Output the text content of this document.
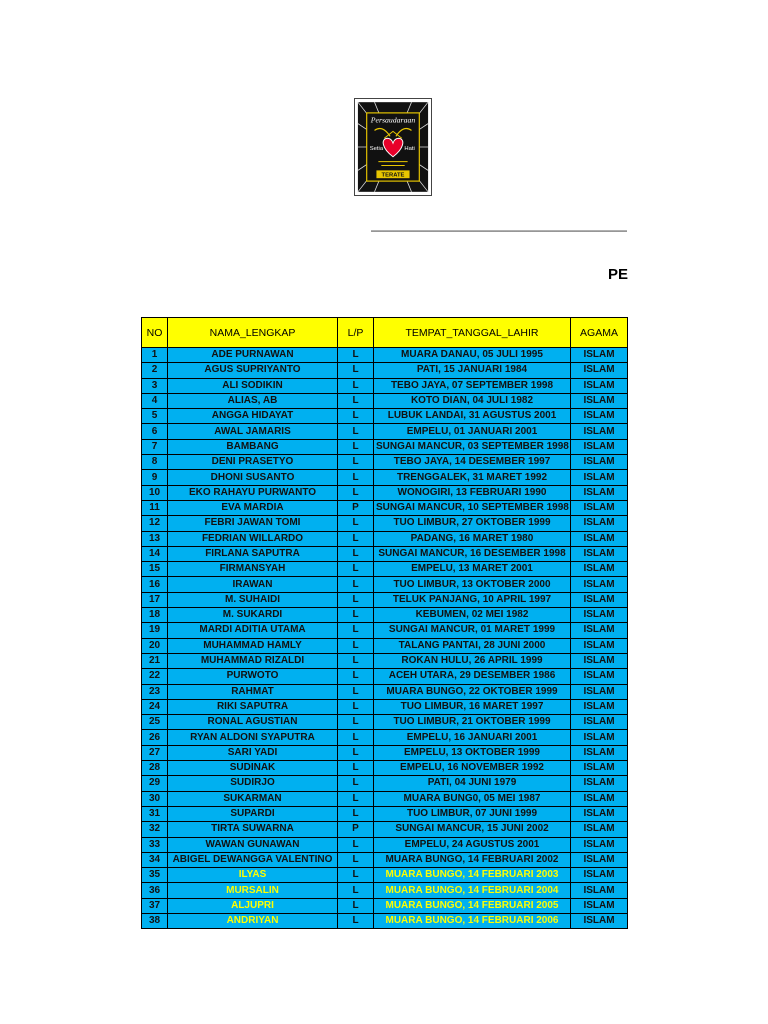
Persaudaraan
Setia	Hati
TERATE
PE
NO	NAMA_LENGKAP	L/P	TEMPAT_TANGGAL_LAHIR	AGAMA
1	ADE PURNAWAN	L	MUARA DANAU, 05 JULI 1995	ISLAM
2	AGUS SUPRIYANTO	L	PATI, 15 JANUARI 1984	ISLAM
3	ALI SODIKIN	L	TEBO JAYA, 07 SEPTEMBER 1998	ISLAM
4	ALIAS, AB	L	KOTO DIAN, 04 JULI 1982	ISLAM
5	ANGGA HIDAYAT	L	LUBUK LANDAI, 31 AGUSTUS 2001	ISLAM
6	AWAL JAMARIS	L	EMPELU, 01 JANUARI 2001	ISLAM
7	BAMBANG	L	SUNGAI MANCUR, 03 SEPTEMBER 1998	ISLAM
8	DENI PRASETYO	L	TEBO JAYA, 14 DESEMBER 1997	ISLAM
9	DHONI SUSANTO	L	TRENGGALEK, 31 MARET 1992	ISLAM
10	EKO RAHAYU PURWANTO	L	WONOGIRI, 13 FEBRUARI 1990	ISLAM
11	EVA MARDIA	P	SUNGAI MANCUR, 10 SEPTEMBER 1998	ISLAM
12	FEBRI JAWAN TOMI	L	TUO LIMBUR, 27 OKTOBER 1999	ISLAM
13	FEDRIAN WILLARDO	L	PADANG, 16 MARET 1980	ISLAM
14	FIRLANA SAPUTRA	L	SUNGAI MANCUR, 16 DESEMBER 1998	ISLAM
15	FIRMANSYAH	L	EMPELU, 13 MARET 2001	ISLAM
16	IRAWAN	L	TUO LIMBUR, 13 OKTOBER 2000	ISLAM
17	M. SUHAIDI	L	TELUK PANJANG, 10 APRIL 1997	ISLAM
18	M. SUKARDI	L	KEBUMEN, 02 MEI 1982	ISLAM
19	MARDI ADITIA UTAMA	L	SUNGAI MANCUR, 01 MARET 1999	ISLAM
20	MUHAMMAD HAMLY	L	TALANG PANTAI, 28 JUNI 2000	ISLAM
21	MUHAMMAD RIZALDI	L	ROKAN HULU, 26 APRIL 1999	ISLAM
22	PURWOTO	L	ACEH UTARA, 29 DESEMBER 1986	ISLAM
23	RAHMAT	L	MUARA BUNGO, 22 OKTOBER 1999	ISLAM
24	RIKI SAPUTRA	L	TUO LIMBUR, 16 MARET 1997	ISLAM
25	RONAL AGUSTIAN	L	TUO LIMBUR, 21 OKTOBER 1999	ISLAM
26	RYAN ALDONI SYAPUTRA	L	EMPELU, 16 JANUARI 2001	ISLAM
27	SARI YADI	L	EMPELU, 13 OKTOBER 1999	ISLAM
28	SUDINAK	L	EMPELU, 16 NOVEMBER 1992	ISLAM
29	SUDIRJO	L	PATI, 04 JUNI 1979	ISLAM
30	SUKARMAN	L	MUARA BUNG0, 05 MEI 1987	ISLAM
31	SUPARDI	L	TUO LIMBUR, 07 JUNI 1999	ISLAM
32	TIRTA SUWARNA	P	SUNGAI MANCUR, 15 JUNI 2002	ISLAM
33	WAWAN GUNAWAN	L	EMPELU, 24 AGUSTUS 2001	ISLAM
34	ABIGEL DEWANGGA VALENTINO	L	MUARA BUNGO, 14 FEBRUARI 2002	ISLAM
35	ILYAS	L	MUARA BUNGO, 14 FEBRUARI 2003	ISLAM
36	MURSALIN	L	MUARA BUNGO, 14 FEBRUARI 2004	ISLAM
37	ALJUPRI	L	MUARA BUNGO, 14 FEBRUARI 2005	ISLAM
38	ANDRIYAN	L	MUARA BUNGO, 14 FEBRUARI 2006	ISLAM
